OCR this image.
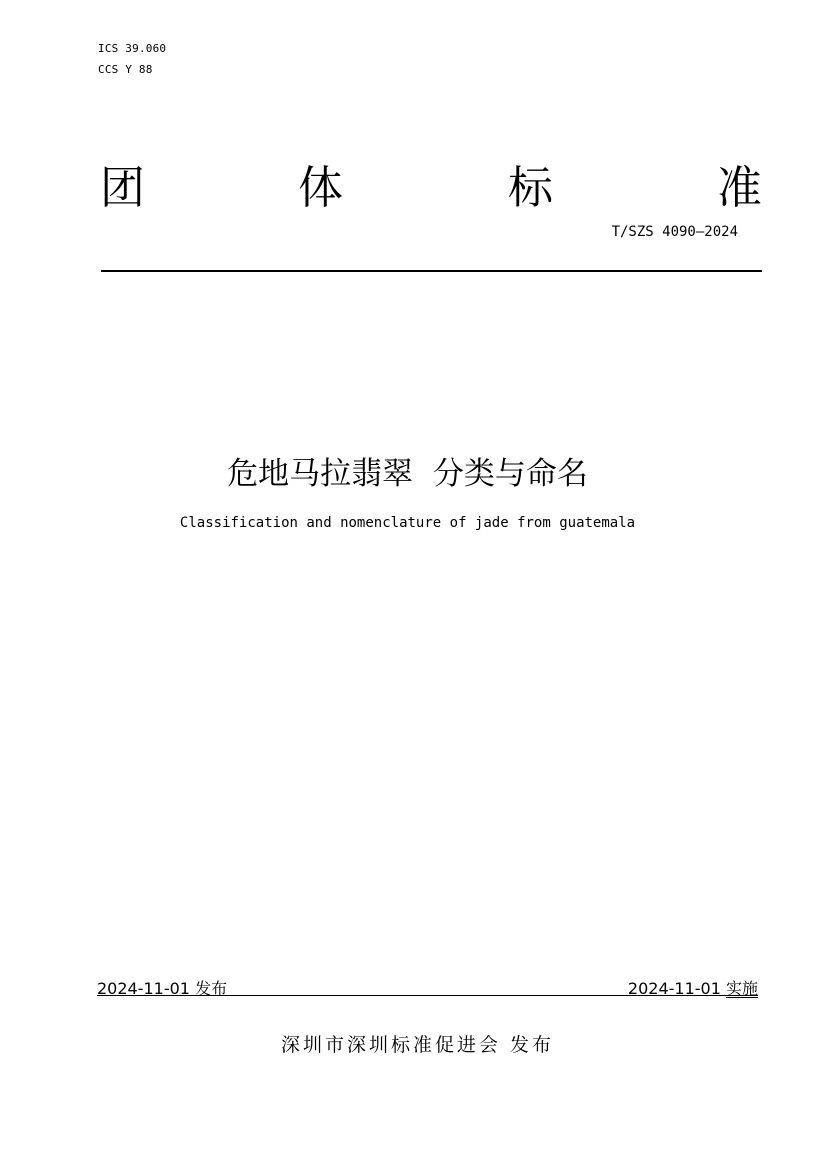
ICS 39.060
CCS Y 88
团	体	标	准
T/SZS 4090—2024
危地马拉翡翠  分类与命名
Classification and nomenclature of jade from guatemala
2024-11-01 发布	2024-11-01 实施
深圳市深圳标准促进会 发布
